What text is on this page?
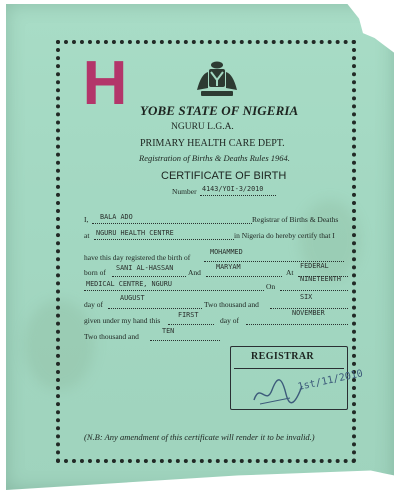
H YOBE STATE OF NIGERIA
NGURU L.G.A.
PRIMARY HEALTH CARE DEPT.
Registration of Births & Deaths Rules 1964.
CERTIFICATE OF BIRTH
Number 4143/YOI-3/2010
I, BALA ADO	Registrar of Births & Deaths
at NGURU HEALTH CENTRE	in Nigeria do hereby certify that I
have this day registered the birth of
MOHAMMED
born of SANI AL-HASSAN And
MARYAM
At
FEDERAL
MEDICAL CENTRE, NGURU	On
NINETEENTH
day of
AUGUST
Two thousand and
SIX
given under my hand this
FIRST
day of
NOVEMBER
Two thousand and
TEN
REGISTRAR
1st/11/2010
(N.B: Any amendment of this certificate will render it to be invalid.)
